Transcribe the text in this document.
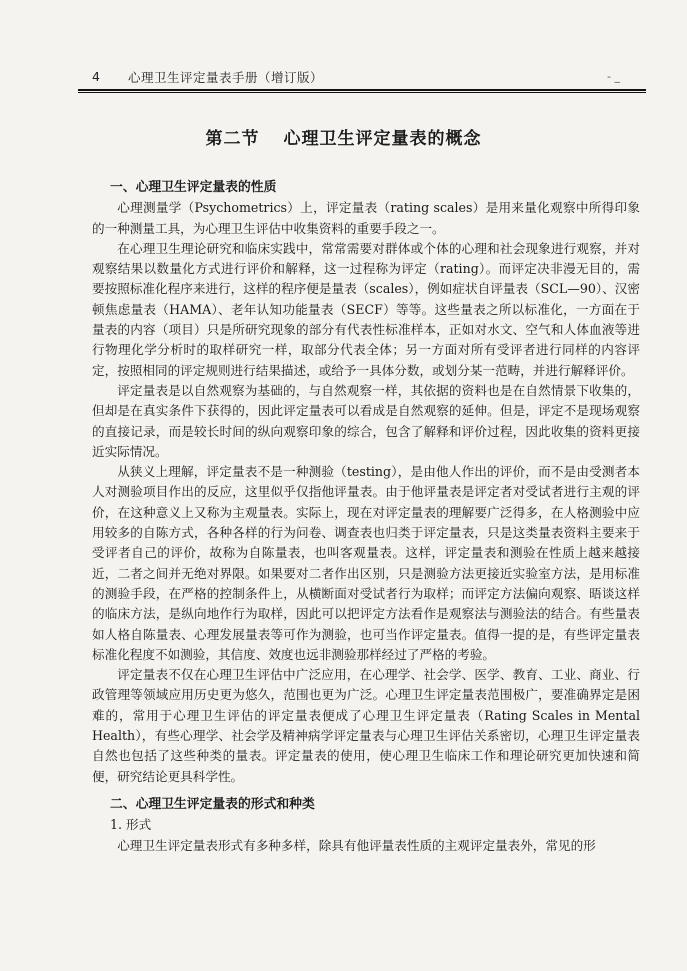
4 心理卫生评定量表手册（增订版）	- _
第二节 心理卫生评定量表的概念
一、心理卫生评定量表的性质

心理测量学（Psychometrics）上，评定量表（rating scales）是用来量化观察中所得印象的一种测量工具，为心理卫生评估中收集资料的重要手段之一。

在心理卫生理论研究和临床实践中，常常需要对群体或个体的心理和社会现象进行观察，并对观察结果以数量化方式进行评价和解释，这一过程称为评定（rating）。而评定决非漫无目的，需要按照标准化程序来进行，这样的程序便是量表（scales），例如症状自评量表（SCL—90）、汉密顿焦虑量表（HAMA）、老年认知功能量表（SECF）等等。这些量表之所以标准化，一方面在于量表的内容（项目）只是所研究现象的部分有代表性标准样本，正如对水文、空气和人体血液等进行物理化学分析时的取样研究一样，取部分代表全体；另一方面对所有受评者进行同样的内容评定，按照相同的评定规则进行结果描述，或给予一具体分数，或划分某一范畴，并进行解释评价。

评定量表是以自然观察为基础的，与自然观察一样，其依据的资料也是在自然情景下收集的，但却是在真实条件下获得的，因此评定量表可以看成是自然观察的延伸。但是，评定不是现场观察的直接记录，而是较长时间的纵向观察印象的综合，包含了解释和评价过程，因此收集的资料更接近实际情况。

从狭义上理解，评定量表不是一种测验（testing），是由他人作出的评价，而不是由受测者本人对测验项目作出的反应，这里似乎仅指他评量表。由于他评量表是评定者对受试者进行主观的评价，在这种意义上又称为主观量表。实际上，现在对评定量表的理解要广泛得多，在人格测验中应用较多的自陈方式，各种各样的行为问卷、调查表也归类于评定量表，只是这类量表资料主要来于受评者自己的评价，故称为自陈量表，也叫客观量表。这样，评定量表和测验在性质上越来越接近，二者之间并无绝对界限。如果要对二者作出区别，只是测验方法更接近实验室方法，是用标准的测验手段，在严格的控制条件上，从横断面对受试者行为取样；而评定方法偏向观察、晤谈这样的临床方法，是纵向地作行为取样，因此可以把评定方法看作是观察法与测验法的结合。有些量表如人格自陈量表、心理发展量表等可作为测验，也可当作评定量表。值得一提的是，有些评定量表标准化程度不如测验，其信度、效度也远非测验那样经过了严格的考验。

评定量表不仅在心理卫生评估中广泛应用，在心理学、社会学、医学、教育、工业、商业、行政管理等领域应用历史更为悠久，范围也更为广泛。心理卫生评定量表范围极广，要准确界定是困难的，常用于心理卫生评估的评定量表便成了心理卫生评定量表（Rating Scales in Mental Health），有些心理学、社会学及精神病学评定量表与心理卫生评估关系密切，心理卫生评定量表自然也包括了这些种类的量表。评定量表的使用，使心理卫生临床工作和理论研究更加快速和简便，研究结论更具科学性。

二、心理卫生评定量表的形式和种类
1. 形式

心理卫生评定量表形式有多种多样，除具有他评量表性质的主观评定量表外，常见的形
